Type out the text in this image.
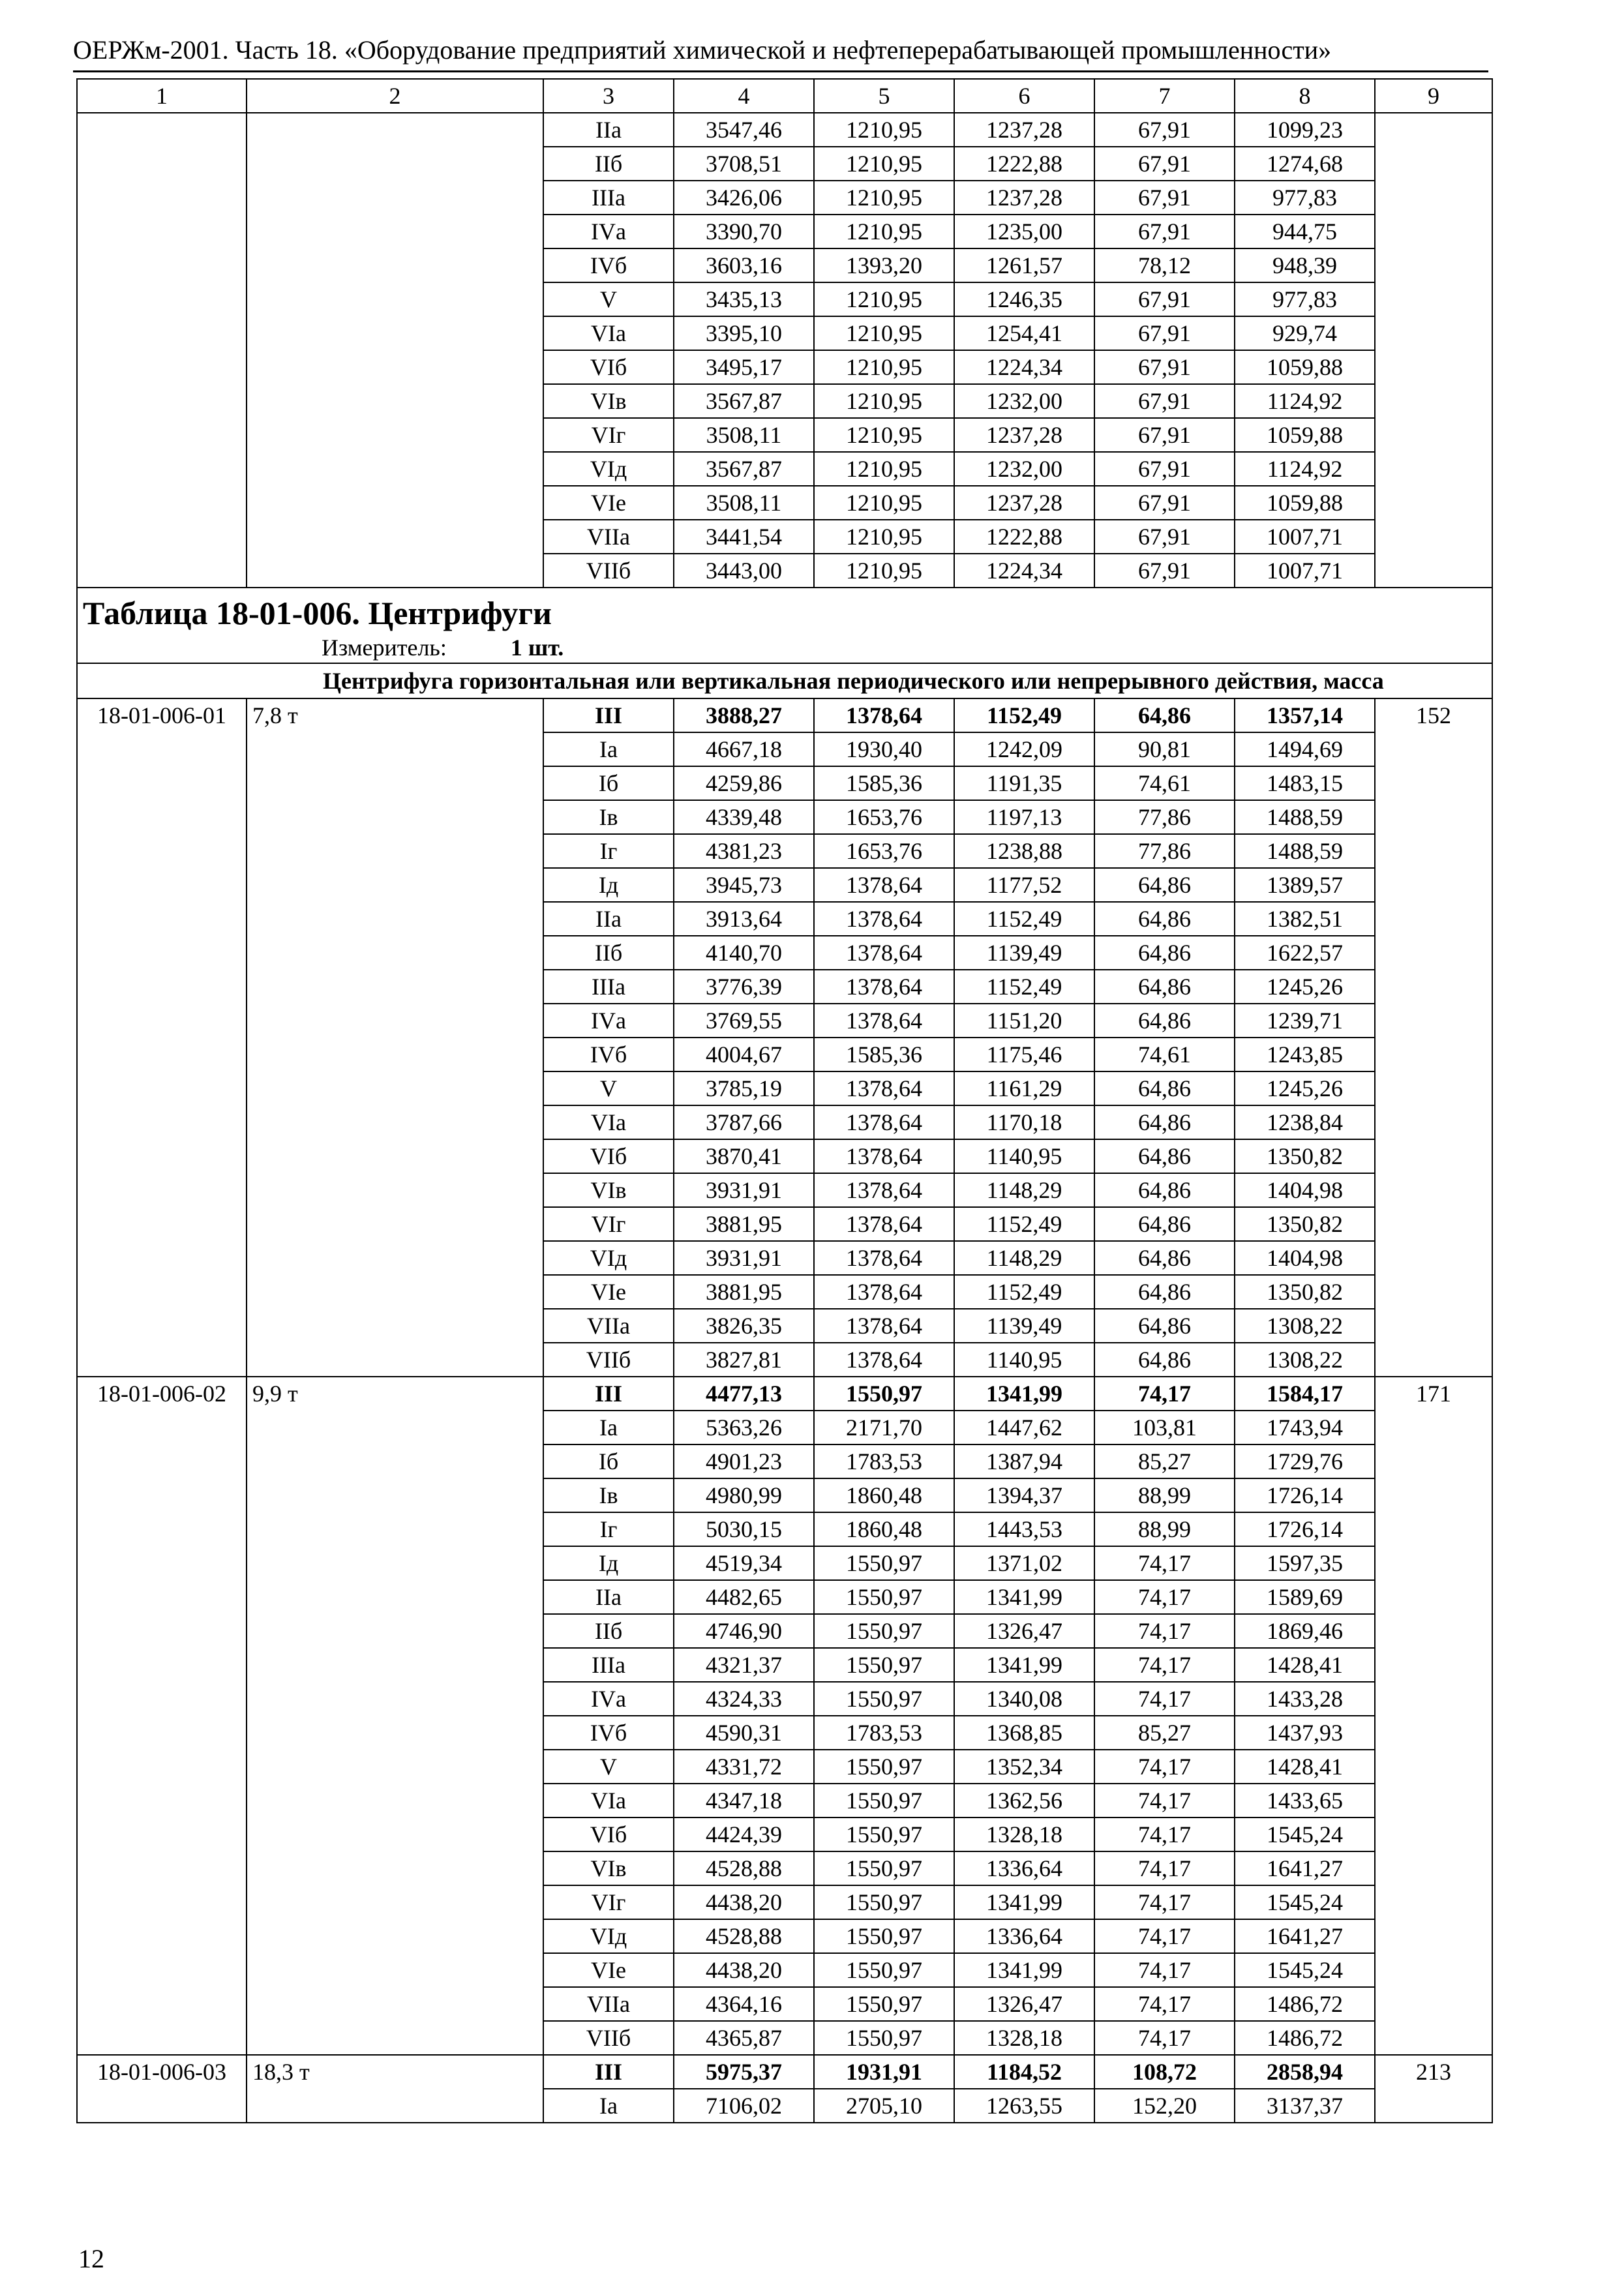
ОЕРЖм-2001. Часть 18. «Оборудование предприятий химической и нефтеперерабатывающей промышленности»
1	2	3	4	5	6	7	8	9
		IIа	3547,46	1210,95	1237,28	67,91	1099,23	
		IIб	3708,51	1210,95	1222,88	67,91	1274,68	
		IIIа	3426,06	1210,95	1237,28	67,91	977,83	
		IVа	3390,70	1210,95	1235,00	67,91	944,75	
		IVб	3603,16	1393,20	1261,57	78,12	948,39	
		V	3435,13	1210,95	1246,35	67,91	977,83	
		VIа	3395,10	1210,95	1254,41	67,91	929,74	
		VIб	3495,17	1210,95	1224,34	67,91	1059,88	
		VIв	3567,87	1210,95	1232,00	67,91	1124,92	
		VIг	3508,11	1210,95	1237,28	67,91	1059,88	
		VIд	3567,87	1210,95	1232,00	67,91	1124,92	
		VIе	3508,11	1210,95	1237,28	67,91	1059,88	
		VIIа	3441,54	1210,95	1222,88	67,91	1007,71	
		VIIб	3443,00	1210,95	1224,34	67,91	1007,71	
Таблица 18-01-006. Центрифуги								
Измеритель: 1 шт.								
Центрифуга горизонтальная или вертикальная периодического или непрерывного действия, масса								
18-01-006-01	7,8 т	III	3888,27	1378,64	1152,49	64,86	1357,14	152
		Iа	4667,18	1930,40	1242,09	90,81	1494,69	
		Iб	4259,86	1585,36	1191,35	74,61	1483,15	
		Iв	4339,48	1653,76	1197,13	77,86	1488,59	
		Iг	4381,23	1653,76	1238,88	77,86	1488,59	
		Iд	3945,73	1378,64	1177,52	64,86	1389,57	
		IIа	3913,64	1378,64	1152,49	64,86	1382,51	
		IIб	4140,70	1378,64	1139,49	64,86	1622,57	
		IIIа	3776,39	1378,64	1152,49	64,86	1245,26	
		IVа	3769,55	1378,64	1151,20	64,86	1239,71	
		IVб	4004,67	1585,36	1175,46	74,61	1243,85	
		V	3785,19	1378,64	1161,29	64,86	1245,26	
		VIа	3787,66	1378,64	1170,18	64,86	1238,84	
		VIб	3870,41	1378,64	1140,95	64,86	1350,82	
		VIв	3931,91	1378,64	1148,29	64,86	1404,98	
		VIг	3881,95	1378,64	1152,49	64,86	1350,82	
		VIд	3931,91	1378,64	1148,29	64,86	1404,98	
		VIе	3881,95	1378,64	1152,49	64,86	1350,82	
		VIIа	3826,35	1378,64	1139,49	64,86	1308,22	
		VIIб	3827,81	1378,64	1140,95	64,86	1308,22	
18-01-006-02	9,9 т	III	4477,13	1550,97	1341,99	74,17	1584,17	171
		Iа	5363,26	2171,70	1447,62	103,81	1743,94	
		Iб	4901,23	1783,53	1387,94	85,27	1729,76	
		Iв	4980,99	1860,48	1394,37	88,99	1726,14	
		Iг	5030,15	1860,48	1443,53	88,99	1726,14	
		Iд	4519,34	1550,97	1371,02	74,17	1597,35	
		IIа	4482,65	1550,97	1341,99	74,17	1589,69	
		IIб	4746,90	1550,97	1326,47	74,17	1869,46	
		IIIа	4321,37	1550,97	1341,99	74,17	1428,41	
		IVа	4324,33	1550,97	1340,08	74,17	1433,28	
		IVб	4590,31	1783,53	1368,85	85,27	1437,93	
		V	4331,72	1550,97	1352,34	74,17	1428,41	
		VIа	4347,18	1550,97	1362,56	74,17	1433,65	
		VIб	4424,39	1550,97	1328,18	74,17	1545,24	
		VIв	4528,88	1550,97	1336,64	74,17	1641,27	
		VIг	4438,20	1550,97	1341,99	74,17	1545,24	
		VIд	4528,88	1550,97	1336,64	74,17	1641,27	
		VIе	4438,20	1550,97	1341,99	74,17	1545,24	
		VIIа	4364,16	1550,97	1326,47	74,17	1486,72	
		VIIб	4365,87	1550,97	1328,18	74,17	1486,72	
18-01-006-03	18,3 т	III	5975,37	1931,91	1184,52	108,72	2858,94	213
		Iа	7106,02	2705,10	1263,55	152,20	3137,37	
12
